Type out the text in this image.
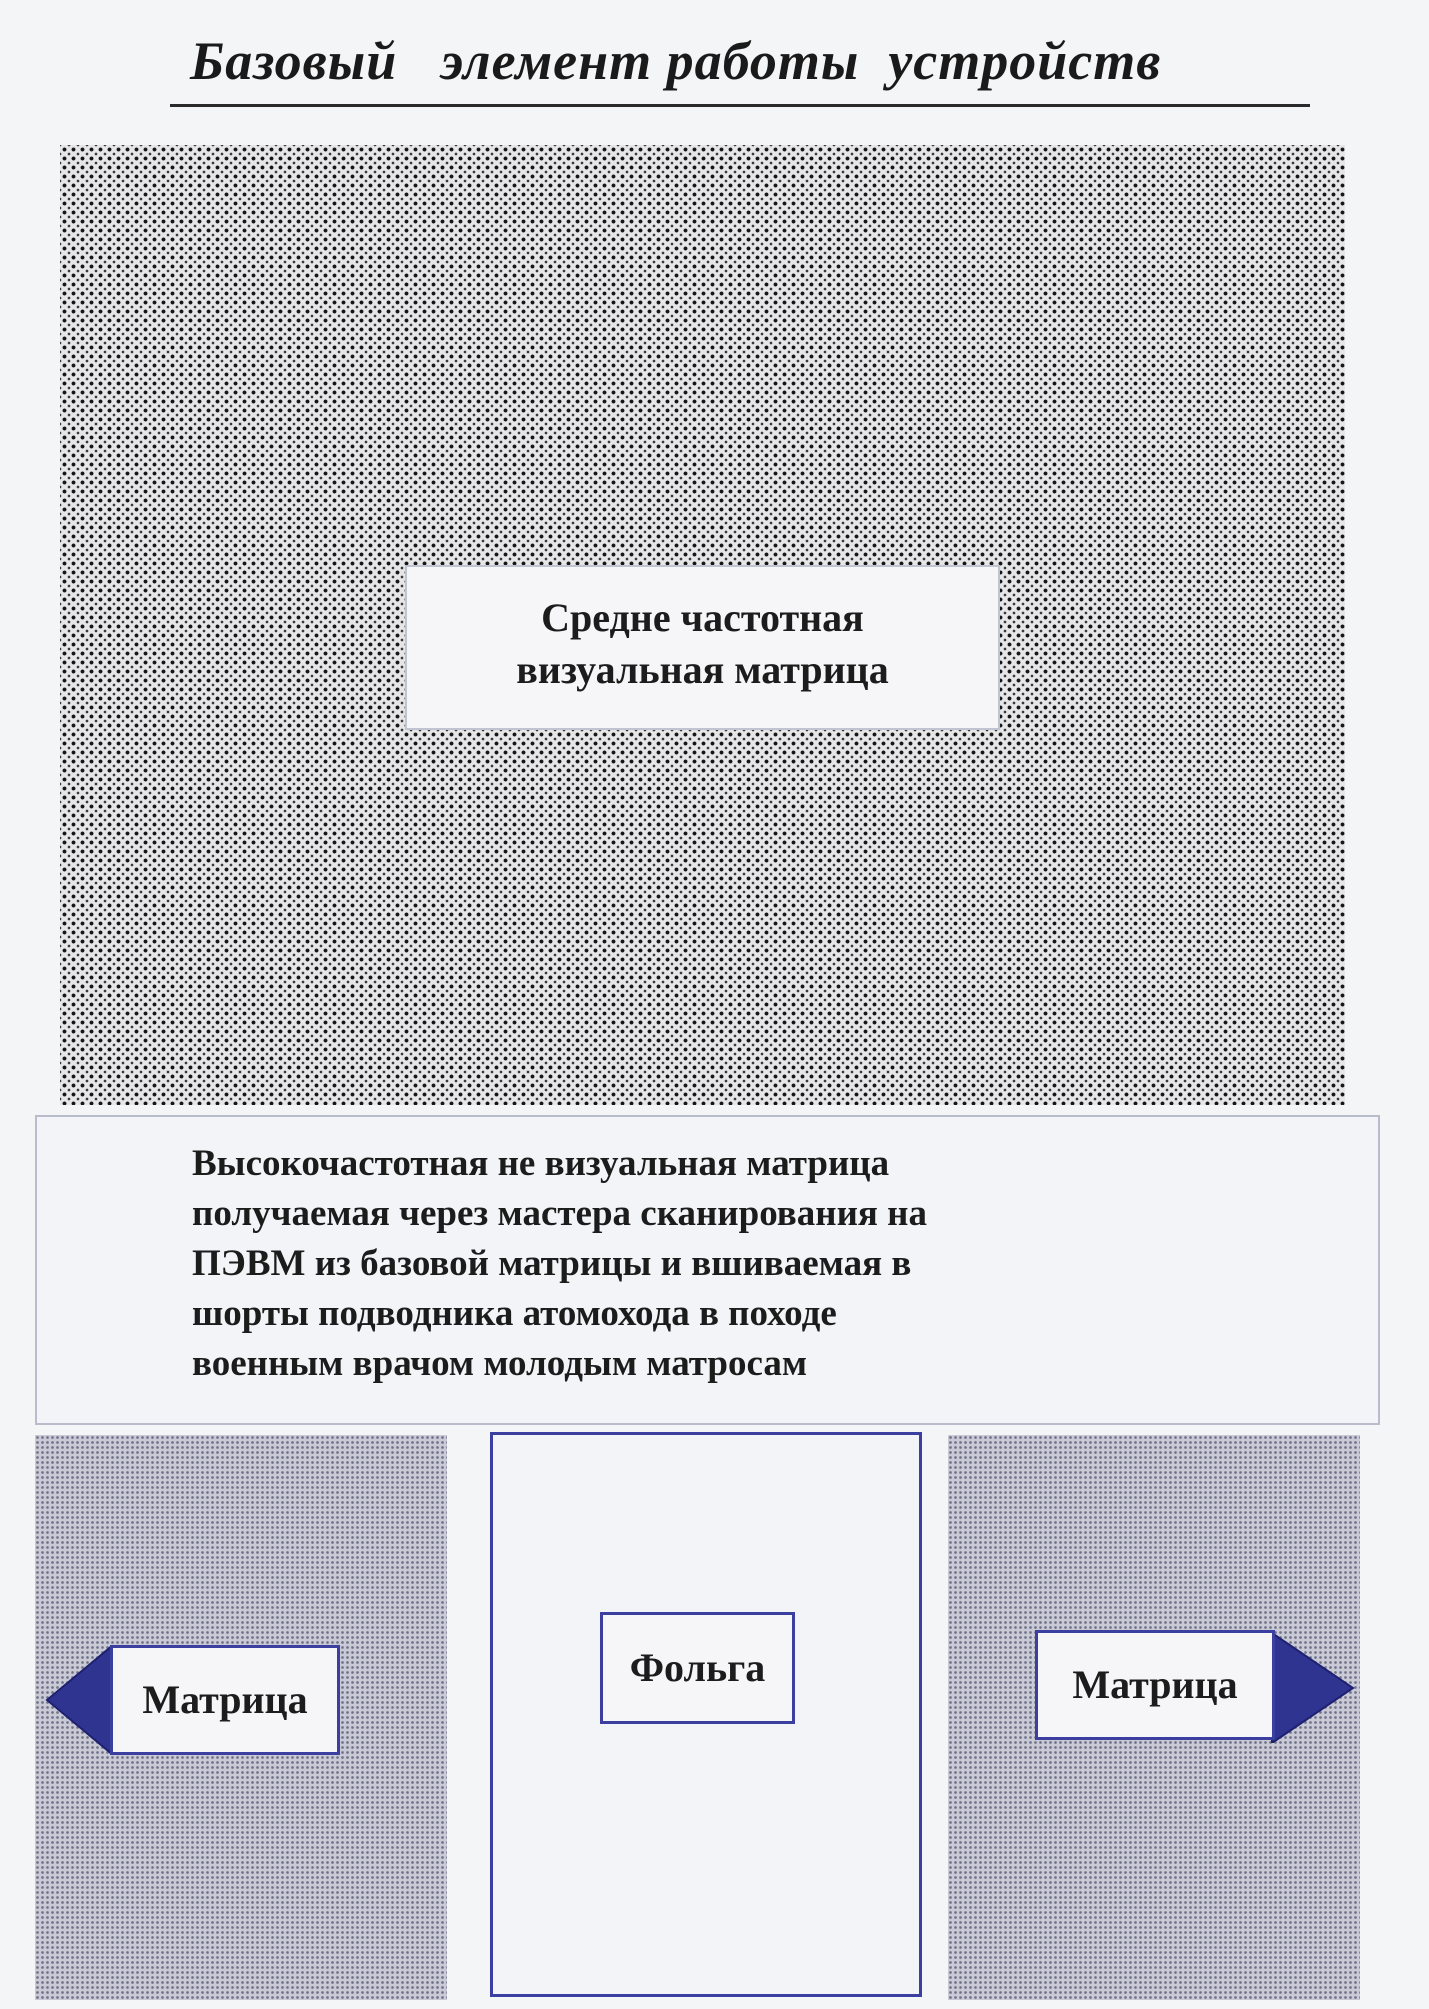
Базовый   элемент работы  устройств
Средне частотная
визуальная матрица
Высокочастотная не визуальная матрица
получаемая через мастера сканирования на
ПЭВМ из базовой матрицы и вшиваемая в
шорты подводника атомохода в походе
военным врачом молодым матросам
Матрица
Фольга	Матрица
